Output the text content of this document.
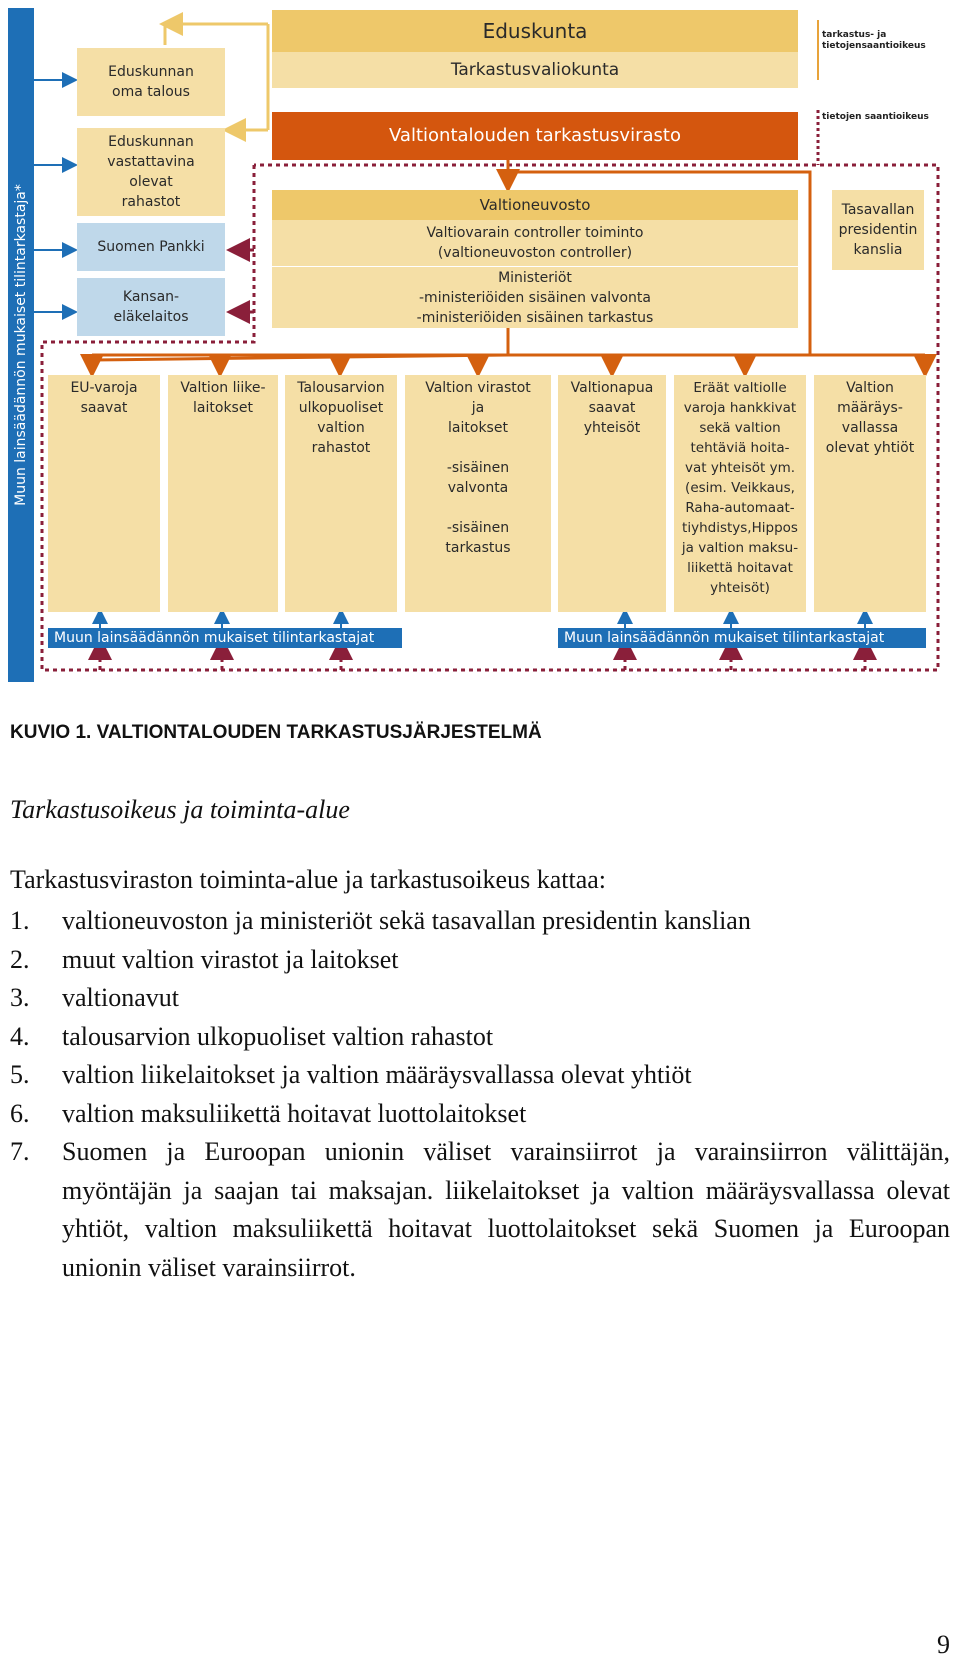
Muun lainsäädännön mukaiset tilintarkastaja*
tarkastus- ja tietojensaantioikeus
tietojen saantioikeus
Eduskunta
Tarkastusvaliokunta
Valtiontalouden tarkastusvirasto
Eduskunnan
oma talous
Eduskunnan
vastattavina
olevat
rahastot
Suomen Pankki
Kansan-
eläkelaitos
Valtioneuvosto
Valtiovarain controller toiminto
(valtioneuvoston controller)
Ministeriöt
-ministeriöiden sisäinen valvonta
-ministeriöiden sisäinen tarkastus
Tasavallan
presidentin
kanslia
EU-varoja
saavat
Valtion liike-
laitokset
Talousarvion
ulkopuoliset
valtion
rahastot
Valtion virastot
ja
laitokset

-sisäinen
valvonta

-sisäinen
tarkastus
Valtionapua
saavat
yhteisöt
Eräät valtiolle
varoja hankkivat
sekä valtion
tehtäviä hoita-
vat yhteisöt ym.
(esim. Veikkaus,
Raha-automaat-
tiyhdistys,Hippos
ja valtion maksu-
liikettä hoitavat
yhteisöt)
Valtion
määräys-
vallassa
olevat yhtiöt
Muun lainsäädännön mukaiset tilintarkastajat	Muun lainsäädännön mukaiset tilintarkastajat
KUVIO 1. VALTIONTALOUDEN TARKASTUSJÄRJESTELMÄ
Tarkastusoikeus ja toiminta-alue
Tarkastusviraston toiminta-alue ja tarkastusoikeus kattaa:
1.	valtioneuvoston ja ministeriöt sekä tasavallan presidentin kanslian
2.	muut valtion virastot ja laitokset
3.	valtionavut
4.	talousarvion ulkopuoliset valtion rahastot
5.	valtion liikelaitokset ja valtion määräysvallassa olevat yhtiöt
6.	valtion maksuliikettä hoitavat luottolaitokset
7.	Suomen ja Euroopan unionin väliset varainsiirrot ja varainsiirron välittäjän, myöntäjän ja saajan tai maksajan. liikelaitokset ja valtion määräysvallassa olevat yhtiöt, valtion maksuliikettä hoitavat luottolaitokset sekä Suomen ja Euroopan unionin väliset varainsiirrot.
9
